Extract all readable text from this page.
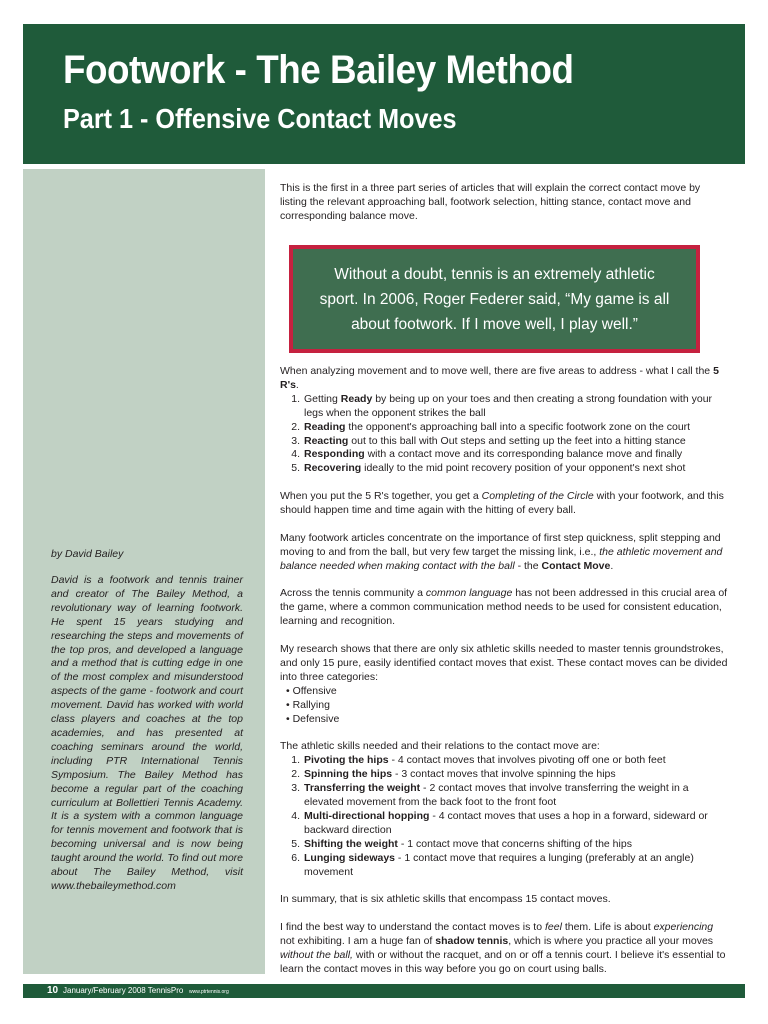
Footwork - The Bailey Method
Part 1 - Offensive Contact Moves
by David Bailey
David is a footwork and tennis trainer and creator of The Bailey Method, a revolutionary way of learning footwork. He spent 15 years studying and researching the steps and movements of the top pros, and developed a language and a method that is cutting edge in one of the most complex and misunderstood aspects of the game - footwork and court movement. David has worked with world class players and coaches at the top academies, and has presented at coaching seminars around the world, including PTR International Tennis Symposium. The Bailey Method has become a regular part of the coaching curriculum at Bollettieri Tennis Academy. It is a system with a common language for tennis movement and footwork that is becoming universal and is now being taught around the world. To find out more about The Bailey Method, visit www.thebaileymethod.com
This is the first in a three part series of articles that will explain the correct contact move by listing the relevant approaching ball, footwork selection, hitting stance, contact move and corresponding balance move.
Without a doubt, tennis is an extremely athletic sport. In 2006, Roger Federer said, “My game is all about footwork. If I move well, I play well.”
When analyzing movement and to move well, there are five areas to address - what I call the 5 R's.
1. Getting Ready by being up on your toes and then creating a strong foundation with your legs when the opponent strikes the ball
2. Reading the opponent's approaching ball into a specific footwork zone on the court
3. Reacting out to this ball with Out steps and setting up the feet into a hitting stance
4. Responding with a contact move and its corresponding balance move and finally
5. Recovering ideally to the mid point recovery position of your opponent's next shot

When you put the 5 R's together, you get a Completing of the Circle with your footwork, and this should happen time and time again with the hitting of every ball.

Many footwork articles concentrate on the importance of first step quickness, split stepping and moving to and from the ball, but very few target the missing link, i.e., the athletic movement and balance needed when making contact with the ball - the Contact Move.

Across the tennis community a common language has not been addressed in this crucial area of the game, where a common communication method needs to be used for consistent education, learning and recognition.

My research shows that there are only six athletic skills needed to master tennis groundstrokes, and only 15 pure, easily identified contact moves that exist. These contact moves can be divided into three categories:
• Offensive
• Rallying
• Defensive
The athletic skills needed and their relations to the contact move are:
1. Pivoting the hips - 4 contact moves that involves pivoting off one or both feet
2. Spinning the hips - 3 contact moves that involve spinning the hips
3. Transferring the weight - 2 contact moves that involve transferring the weight in a elevated movement from the back foot to the front foot
4. Multi-directional hopping - 4 contact moves that uses a hop in a forward, sideward or backward direction
5. Shifting the weight - 1 contact move that concerns shifting of the hips
6. Lunging sideways - 1 contact move that requires a lunging (preferably at an angle) movement

In summary, that is six athletic skills that encompass 15 contact moves.

I find the best way to understand the contact moves is to feel them. Life is about experiencing not exhibiting. I am a huge fan of shadow tennis, which is where you practice all your moves without the ball, with or without the racquet, and on or off a tennis court. I believe it's essential to learn the contact moves in this way before you go on court using balls.

10 January/February 2008 TennisPro www.ptrtennis.org
